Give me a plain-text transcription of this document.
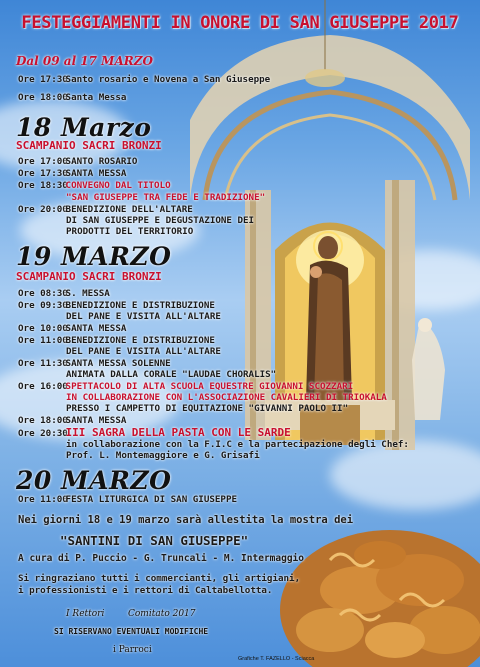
FESTEGGIAMENTI IN ONORE DI SAN GIUSEPPE 2017
Dal 09 al 17 MARZO
Ore 17:30 Santo rosario e Novena a San Giuseppe
Ore 18:00 Santa Messa
18 Marzo
SCAMPANIO SACRI BRONZI
Ore 17:00 SANTO ROSARIO
Ore 17:30 SANTA MESSA
Ore 18:30 CONVEGNO DAL TITOLO
"SAN GIUSEPPE TRA FEDE E TRADIZIONE"
Ore 20:00 BENEDIZIONE DELL'ALTARE
DI SAN GIUSEPPE E DEGUSTAZIONE DEI
PRODOTTI DEL TERRITORIO
19 MARZO
SCAMPANIO SACRI BRONZI
Ore 08:30 S. MESSA
Ore 09:30 BENEDIZIONE E DISTRIBUZIONE
DEL PANE E VISITA ALL'ALTARE
Ore 10:00 SANTA MESSA
Ore 11:00 BENEDIZIONE E DISTRIBUZIONE
DEL PANE E VISITA ALL'ALTARE
Ore 11:30 SANTA MESSA SOLENNE
ANIMATA DALLA CORALE "LAUDAE CHORALIS"
Ore 16:00 SPETTACOLO DI ALTA SCUOLA EQUESTRE GIOVANNI SCOZZARI
IN COLLABORAZIONE CON L'ASSOCIAZIONE CAVALIERI DI TRIOKALA
PRESSO I CAMPETTO DI EQUITAZIONE "GIVANNI PAOLO II"
Ore 18:00 SANTA MESSA
Ore 20:30 III SAGRA DELLA PASTA CON LE SARDE
in collaborazione con la F.I.C e la partecipazione degli Chef:
Prof. L. Montemaggiore e G. Grisafi
20 MARZO
Ore 11:00 FESTA LITURGICA DI SAN GIUSEPPE
Nei giorni 18 e 19 marzo sarà allestita la mostra dei
"SANTINI DI SAN GIUSEPPE"
A cura di P. Puccio - G. Truncali - M. Intermaggio
Si ringraziano tutti i commercianti, gli artigiani,
i professionisti e i rettori di Caltabellotta.
I Rettori	Comitato 2017
SI RISERVANO EVENTUALI MODIFICHE
i Parroci
Grafiche T. FAZELLO - Sciacca
